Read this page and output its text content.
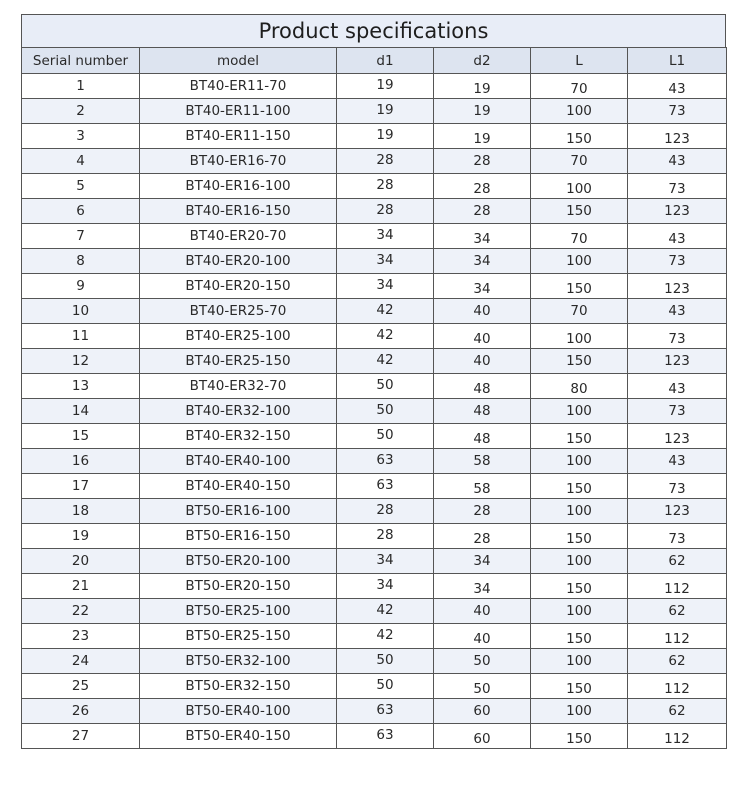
Product specifications
Serial number	model	d1	d2	L	L1
1	BT40-ER11-70	19	19	70	43
2	BT40-ER11-100	19	19	100	73
3	BT40-ER11-150	19	19	150	123
4	BT40-ER16-70	28	28	70	43
5	BT40-ER16-100	28	28	100	73
6	BT40-ER16-150	28	28	150	123
7	BT40-ER20-70	34	34	70	43
8	BT40-ER20-100	34	34	100	73
9	BT40-ER20-150	34	34	150	123
10	BT40-ER25-70	42	40	70	43
11	BT40-ER25-100	42	40	100	73
12	BT40-ER25-150	42	40	150	123
13	BT40-ER32-70	50	48	80	43
14	BT40-ER32-100	50	48	100	73
15	BT40-ER32-150	50	48	150	123
16	BT40-ER40-100	63	58	100	43
17	BT40-ER40-150	63	58	150	73
18	BT50-ER16-100	28	28	100	123
19	BT50-ER16-150	28	28	150	73
20	BT50-ER20-100	34	34	100	62
21	BT50-ER20-150	34	34	150	112
22	BT50-ER25-100	42	40	100	62
23	BT50-ER25-150	42	40	150	112
24	BT50-ER32-100	50	50	100	62
25	BT50-ER32-150	50	50	150	112
26	BT50-ER40-100	63	60	100	62
27	BT50-ER40-150	63	60	150	112
